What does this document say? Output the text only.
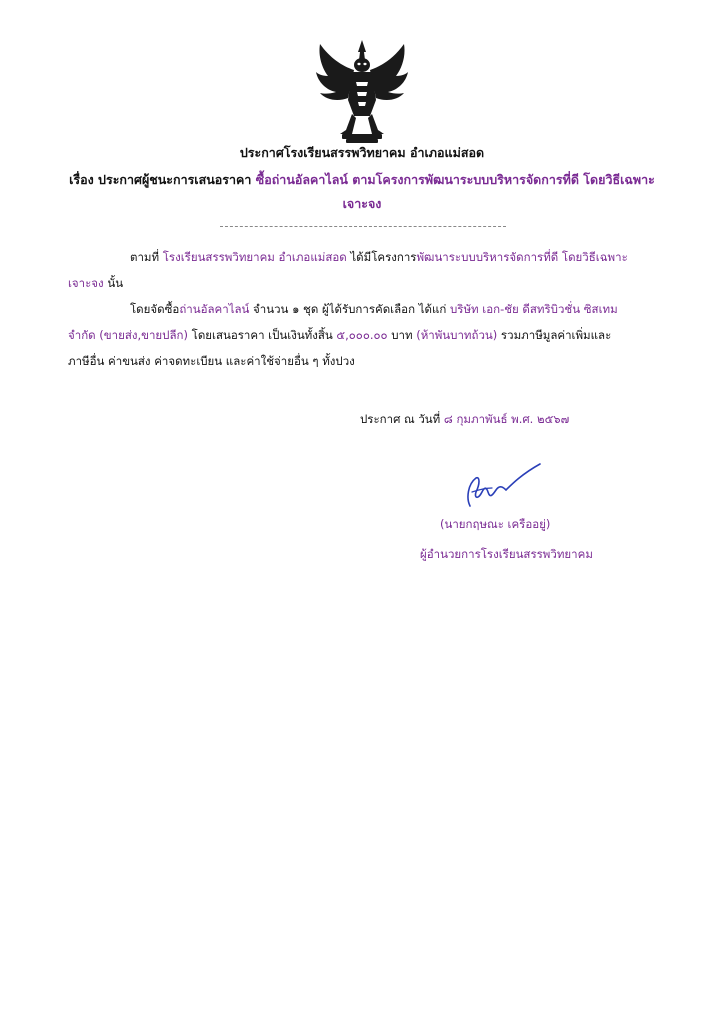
ประกาศโรงเรียนสรรพวิทยาคม อำเภอแม่สอด
เรื่อง ประกาศผู้ชนะการเสนอราคา ซื้อถ่านอัลคาไลน์ ตามโครงการพัฒนาระบบบริหารจัดการที่ดี โดยวิธีเฉพาะ
เจาะจง
ตามที่ โรงเรียนสรรพวิทยาคม อำเภอแม่สอด ได้มีโครงการพัฒนาระบบบริหารจัดการที่ดี โดยวิธีเฉพาะ
เจาะจง นั้น
โดยจัดซื้อถ่านอัลคาไลน์ จำนวน ๑ ชุด ผู้ได้รับการคัดเลือก ได้แก่ บริษัท เอก-ชัย ดีสทริบิวชั่น ซิสเทม
จำกัด (ขายส่ง,ขายปลีก) โดยเสนอราคา เป็นเงินทั้งสิ้น ๕,๐๐๐.๐๐ บาท (ห้าพันบาทถ้วน) รวมภาษีมูลค่าเพิ่มและ
ภาษีอื่น ค่าขนส่ง ค่าจดทะเบียน และค่าใช้จ่ายอื่น ๆ ทั้งปวง
ประกาศ ณ วันที่ ๘ กุมภาพันธ์ พ.ศ. ๒๕๖๗
(นายกฤษณะ เครืออยู่)
ผู้อำนวยการโรงเรียนสรรพวิทยาคม
